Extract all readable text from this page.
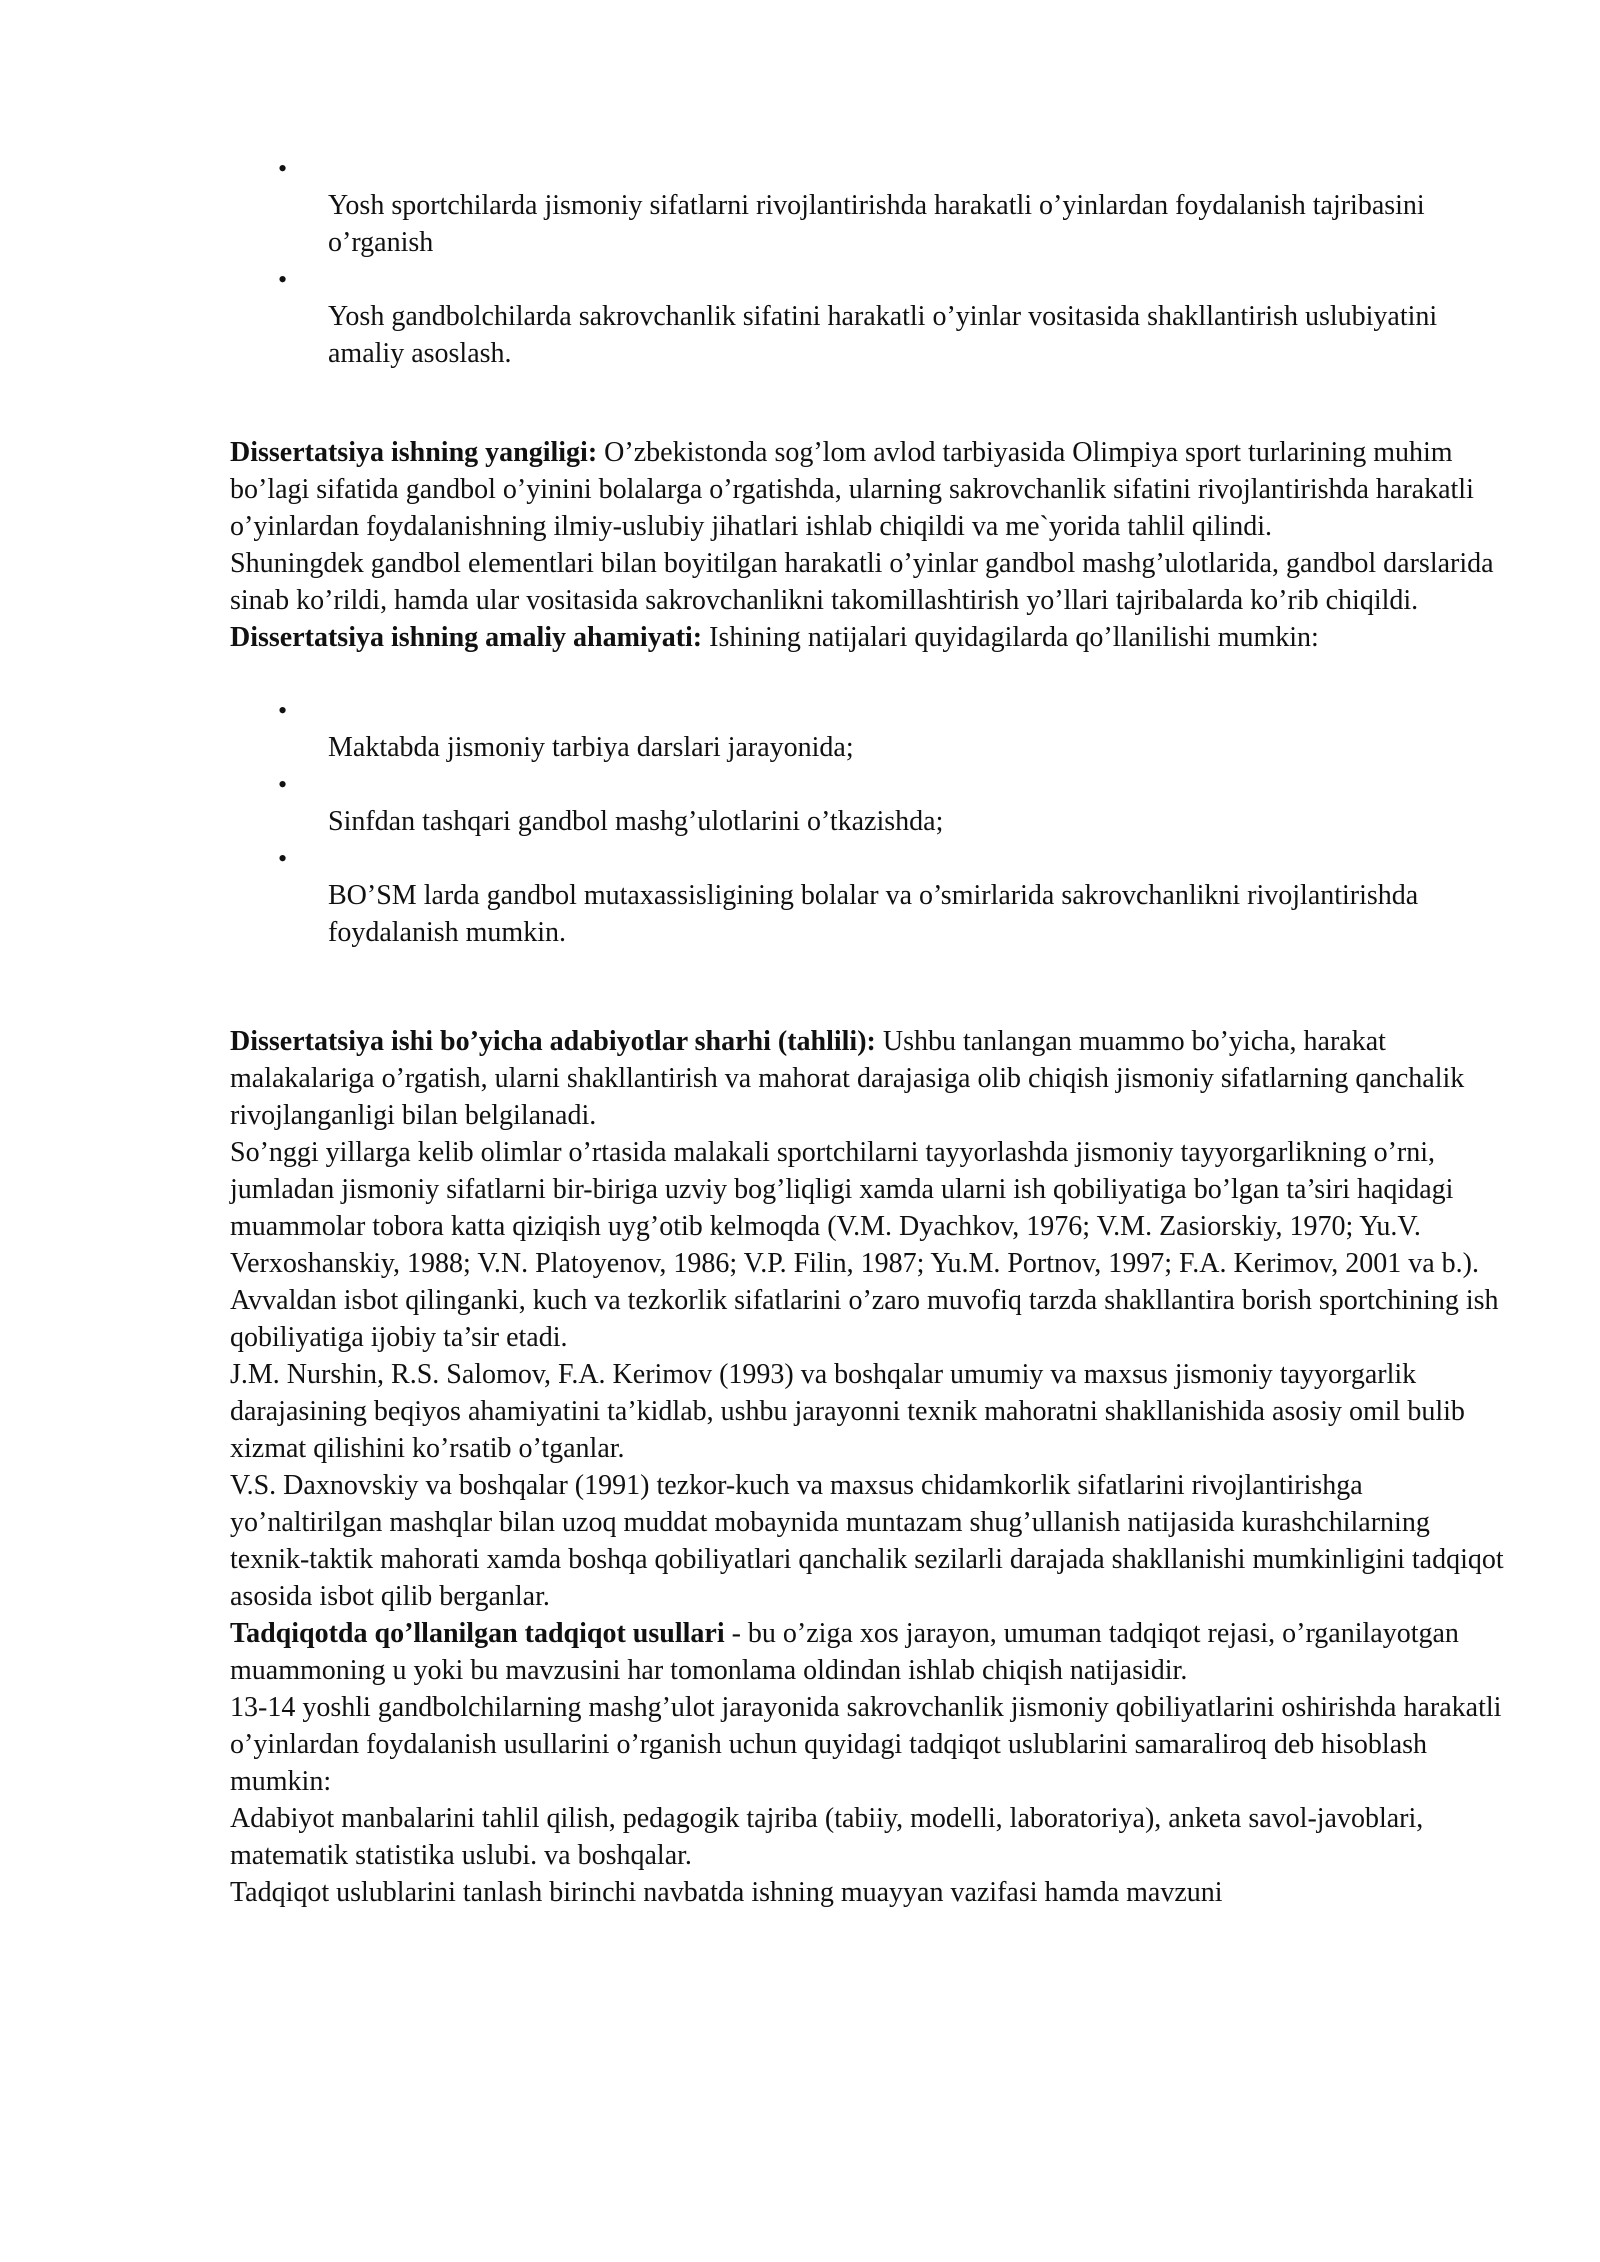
•
Yosh sportchilarda jismoniy sifatlarni rivojlantirishda harakatli o’yinlardan foydalanish tajribasini o’rganish
•
Yosh gandbolchilarda sakrovchanlik sifatini harakatli o’yinlar vositasida shakllantirish uslubiyatini amaliy asoslash.

Dissertatsiya ishning yangiligi: O’zbekistonda sog’lom avlod tarbiyasida Olimpiya sport turlarining muhim bo’lagi sifatida gandbol o’yinini bolalarga o’rgatishda, ularning sakrovchanlik sifatini rivojlantirishda harakatli o’yinlardan foydalanishning ilmiy-uslubiy jihatlari ishlab chiqildi va me`yorida tahlil qilindi.

Shuningdek gandbol elementlari bilan boyitilgan harakatli o’yinlar gandbol mashg’ulotlarida, gandbol darslarida sinab ko’rildi, hamda ular vositasida sakrovchanlikni takomillashtirish yo’llari tajribalarda ko’rib chiqildi.

Dissertatsiya ishning amaliy ahamiyati: Ishining natijalari quyidagilarda qo’llanilishi mumkin:

•
Maktabda jismoniy tarbiya darslari jarayonida;
•
Sinfdan tashqari gandbol mashg’ulotlarini o’tkazishda;
•
BO’SM larda gandbol mutaxassisligining bolalar va o’smirlarida sakrovchanlikni rivojlantirishda foydalanish mumkin.

Dissertatsiya ishi bo’yicha adabiyotlar sharhi (tahlili): Ushbu tanlangan muammo bo’yicha, harakat malakalariga o’rgatish, ularni shakllantirish va mahorat darajasiga olib chiqish jismoniy sifatlarning qanchalik rivojlanganligi bilan belgilanadi.

So’nggi yillarga kelib olimlar o’rtasida malakali sportchilarni tayyorlashda jismoniy tayyorgarlikning o’rni, jumladan jismoniy sifatlarni bir-biriga uzviy bog’liqligi xamda ularni ish qobiliyatiga bo’lgan ta’siri haqidagi muammolar tobora katta qiziqish uyg’otib kelmoqda (V.M. Dyachkov, 1976; V.M. Zasiorskiy, 1970; Yu.V. Verxoshanskiy, 1988; V.N. Platoyenov, 1986; V.P. Filin, 1987; Yu.M. Portnov, 1997; F.A. Kerimov, 2001 va b.). Avvaldan isbot qilinganki, kuch va tezkorlik sifatlarini o’zaro muvofiq tarzda shakllantira borish sportchining ish qobiliyatiga ijobiy ta’sir etadi.

J.M. Nurshin, R.S. Salomov, F.A. Kerimov (1993) va boshqalar umumiy va maxsus jismoniy tayyorgarlik darajasining beqiyos ahamiyatini ta’kidlab, ushbu jarayonni texnik mahoratni shakllanishida asosiy omil bulib xizmat qilishini ko’rsatib o’tganlar.

V.S. Daxnovskiy va boshqalar (1991) tezkor-kuch va maxsus chidamkorlik sifatlarini rivojlantirishga yo’naltirilgan mashqlar bilan uzoq muddat mobaynida muntazam shug’ullanish natijasida kurashchilarning texnik-taktik mahorati xamda boshqa qobiliyatlari qanchalik sezilarli darajada shakllanishi mumkinligini tadqiqot asosida isbot qilib berganlar.

Tadqiqotda qo’llanilgan tadqiqot usullari - bu o’ziga xos jarayon, umuman tadqiqot rejasi, o’rganilayotgan muammoning u yoki bu mavzusini har tomonlama oldindan ishlab chiqish natijasidir.

13-14 yoshli gandbolchilarning mashg’ulot jarayonida sakrovchanlik jismoniy qobiliyatlarini oshirishda harakatli o’yinlardan foydalanish usullarini o’rganish uchun quyidagi tadqiqot uslublarini samaraliroq deb hisoblash mumkin:

Adabiyot manbalarini tahlil qilish, pedagogik tajriba (tabiiy, modelli, laboratoriya), anketa savol-javoblari, matematik statistika uslubi. va boshqalar.

Tadqiqot uslublarini tanlash birinchi navbatda ishning muayyan vazifasi hamda mavzuni
